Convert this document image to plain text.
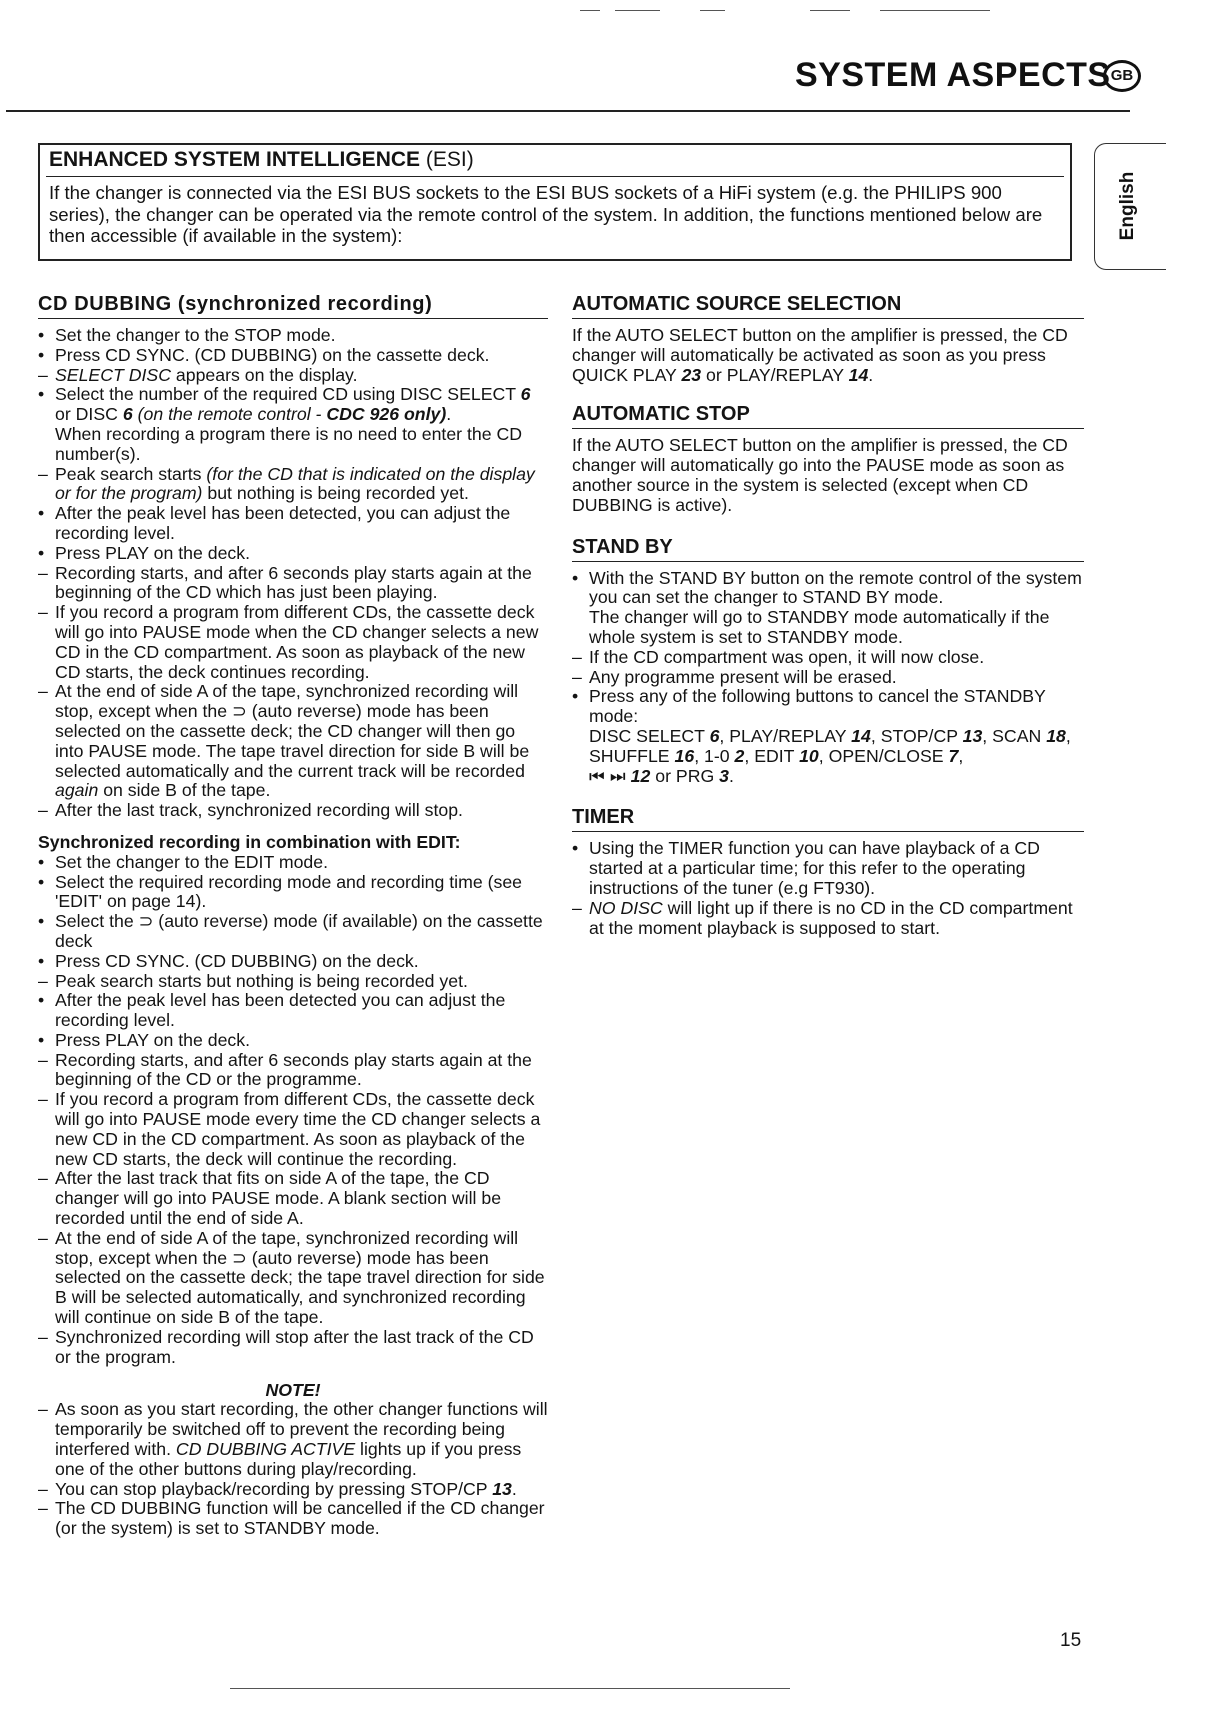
SYSTEM ASPECTS GB
ENHANCED SYSTEM INTELLIGENCE (ESI)

If the changer is connected via the ESI BUS sockets to the ESI BUS sockets of a HiFi system (e.g. the PHILIPS 900 series), the changer can be operated via the remote control of the system. In addition, the functions mentioned below are then accessible (if available in the system):	English
CD DUBBING (synchronized recording)
• Set the changer to the STOP mode.
• Press CD SYNC. (CD DUBBING) on the cassette deck.
– SELECT DISC appears on the display.
• Select the number of the required CD using DISC SELECT 6 or DISC 6 (on the remote control - CDC 926 only).
When recording a program there is no need to enter the CD number(s).
– Peak search starts (for the CD that is indicated on the display or for the program) but nothing is being recorded yet.
• After the peak level has been detected, you can adjust the recording level.
• Press PLAY on the deck.
– Recording starts, and after 6 seconds play starts again at the beginning of the CD which has just been playing.
– If you record a program from different CDs, the cassette deck will go into PAUSE mode when the CD changer selects a new CD in the CD compartment. As soon as playback of the new CD starts, the deck continues recording.
– At the end of side A of the tape, synchronized recording will stop, except when the ⊃ (auto reverse) mode has been selected on the cassette deck; the CD changer will then go into PAUSE mode. The tape travel direction for side B will be selected automatically and the current track will be recorded again on side B of the tape.
– After the last track, synchronized recording will stop.
Synchronized recording in combination with EDIT:
• Set the changer to the EDIT mode.
• Select the required recording mode and recording time (see 'EDIT' on page 14).
• Select the ⊃ (auto reverse) mode (if available) on the cassette deck
• Press CD SYNC. (CD DUBBING) on the deck.
– Peak search starts but nothing is being recorded yet.
• After the peak level has been detected you can adjust the recording level.
• Press PLAY on the deck.
– Recording starts, and after 6 seconds play starts again at the beginning of the CD or the programme.
– If you record a program from different CDs, the cassette deck will go into PAUSE mode every time the CD changer selects a new CD in the CD compartment. As soon as playback of the new CD starts, the deck will continue the recording.
– After the last track that fits on side A of the tape, the CD changer will go into PAUSE mode. A blank section will be recorded until the end of side A.
– At the end of side A of the tape, synchronized recording will stop, except when the ⊃ (auto reverse) mode has been selected on the cassette deck; the tape travel direction for side B will be selected automatically, and synchronized recording will continue on side B of the tape.
– Synchronized recording will stop after the last track of the CD or the program.
NOTE!
– As soon as you start recording, the other changer functions will temporarily be switched off to prevent the recording being interfered with. CD DUBBING ACTIVE lights up if you press one of the other buttons during play/recording.
– You can stop playback/recording by pressing STOP/CP 13.
– The CD DUBBING function will be cancelled if the CD changer (or the system) is set to STANDBY mode.
AUTOMATIC SOURCE SELECTION

If the AUTO SELECT button on the amplifier is pressed, the CD changer will automatically be activated as soon as you press QUICK PLAY 23 or PLAY/REPLAY 14.

AUTOMATIC STOP

If the AUTO SELECT button on the amplifier is pressed, the CD changer will automatically go into the PAUSE mode as soon as another source in the system is selected (except when CD DUBBING is active).

STAND BY
• With the STAND BY button on the remote control of the system you can set the changer to STAND BY mode.
The changer will go to STANDBY mode automatically if the whole system is set to STANDBY mode.
– If the CD compartment was open, it will now close.
– Any programme present will be erased.
• Press any of the following buttons to cancel the STANDBY mode:
DISC SELECT 6, PLAY/REPLAY 14, STOP/CP 13, SCAN 18,
SHUFFLE 16, 1-0 2, EDIT 10, OPEN/CLOSE 7,
⏮ ⏭ 12 or PRG 3.
TIMER
• Using the TIMER function you can have playback of a CD started at a particular time; for this refer to the operating instructions of the tuner (e.g FT930).
– NO DISC will light up if there is no CD in the CD compartment at the moment playback is supposed to start.
15
